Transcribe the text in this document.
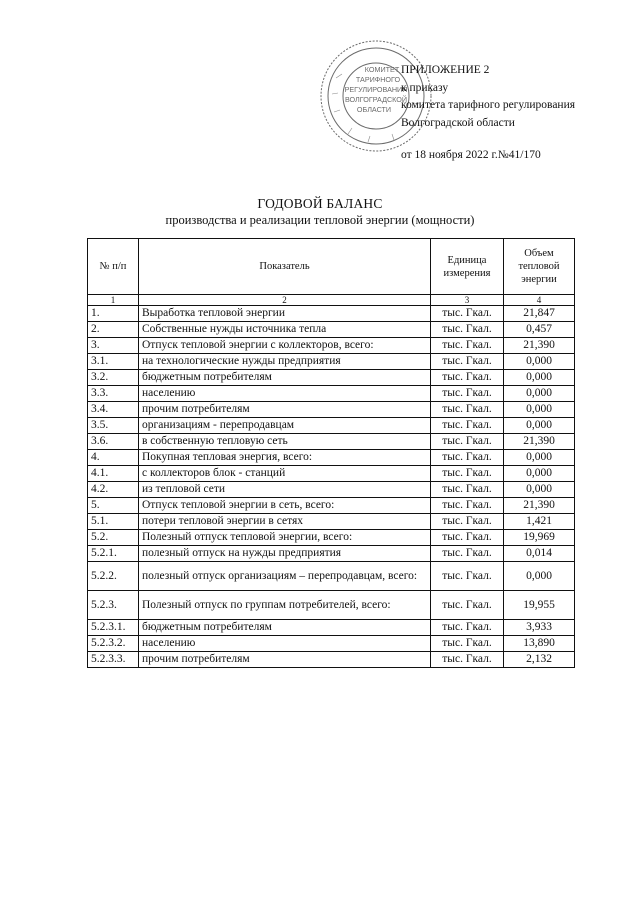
КОМИТЕТ
ТАРИФНОГО
РЕГУЛИРОВАНИЯ
ВОЛГОГРАДСКОЙ
ОБЛАСТИ
ПРИЛОЖЕНИЕ 2
к приказу
комитета тарифного регулирования
Волгоградской области
от 18 ноября 2022 г.№41/170
ГОДОВОЙ БАЛАНС
производства и реализации тепловой энергии (мощности)
№ п/п	Показатель	Единица измерения	Объем тепловой энергии
1	2	3	4
1.	Выработка тепловой энергии	тыс. Гкал.	21,847
2.	Собственные нужды источника тепла	тыс. Гкал.	0,457
3.	Отпуск тепловой энергии с коллекторов, всего:	тыс. Гкал.	21,390
3.1.	на технологические нужды предприятия	тыс. Гкал.	0,000
3.2.	бюджетным потребителям	тыс. Гкал.	0,000
3.3.	населению	тыс. Гкал.	0,000
3.4.	прочим потребителям	тыс. Гкал.	0,000
3.5.	организациям - перепродавцам	тыс. Гкал.	0,000
3.6.	в собственную тепловую сеть	тыс. Гкал.	21,390
4.	Покупная тепловая энергия, всего:	тыс. Гкал.	0,000
4.1.	с коллекторов блок - станций	тыс. Гкал.	0,000
4.2.	из тепловой сети	тыс. Гкал.	0,000
5.	Отпуск тепловой энергии в сеть, всего:	тыс. Гкал.	21,390
5.1.	потери тепловой энергии в сетях	тыс. Гкал.	1,421
5.2.	Полезный отпуск тепловой энергии, всего:	тыс. Гкал.	19,969
5.2.1.	полезный отпуск на нужды предприятия	тыс. Гкал.	0,014
5.2.2.	полезный отпуск организациям – перепродавцам, всего:	тыс. Гкал.	0,000
5.2.3.	Полезный отпуск по группам потребителей, всего:	тыс. Гкал.	19,955
5.2.3.1.	бюджетным потребителям	тыс. Гкал.	3,933
5.2.3.2.	населению	тыс. Гкал.	13,890
5.2.3.3.	прочим потребителям	тыс. Гкал.	2,132
